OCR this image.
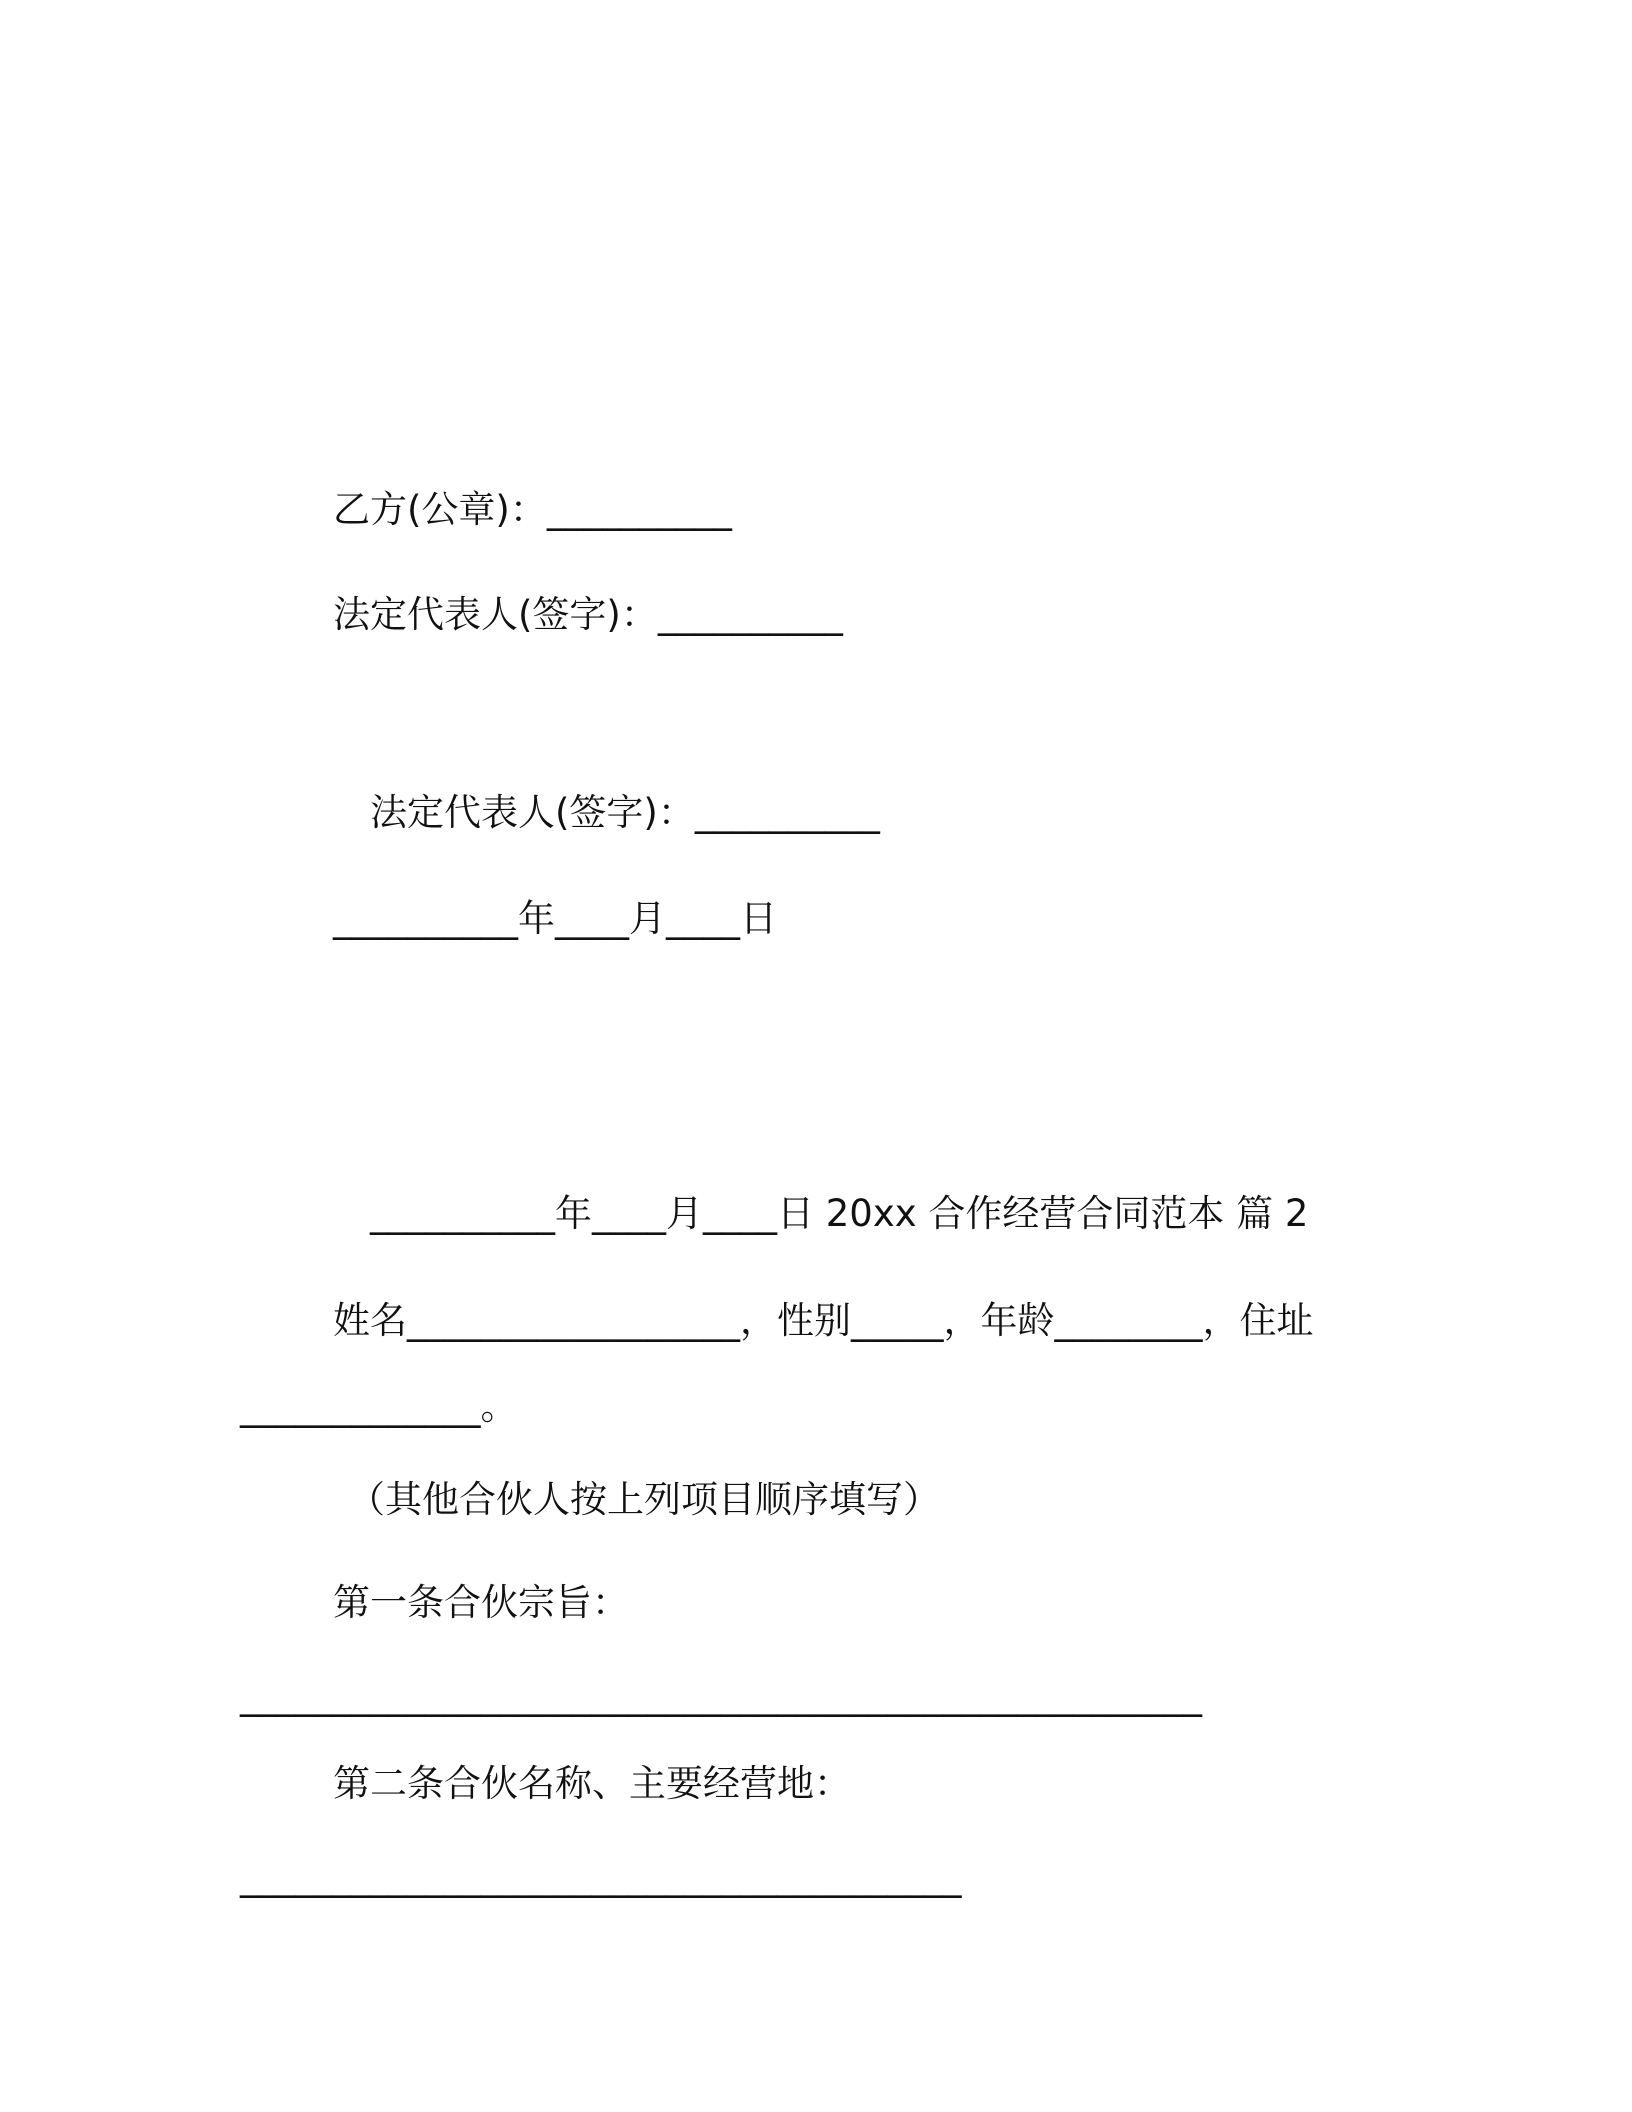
乙方(公章)：__________
法定代表人(签字)：__________
法定代表人(签字)：__________
__________年____月____日
__________年____月____日 20xx 合作经营合同范本 篇 2
姓名__________________，性别_____，年龄________，住址
_____________。
（其他合伙人按上列项目顺序填写）
第一条合伙宗旨：
____________________________________________________
第二条合伙名称、主要经营地：
_______________________________________
